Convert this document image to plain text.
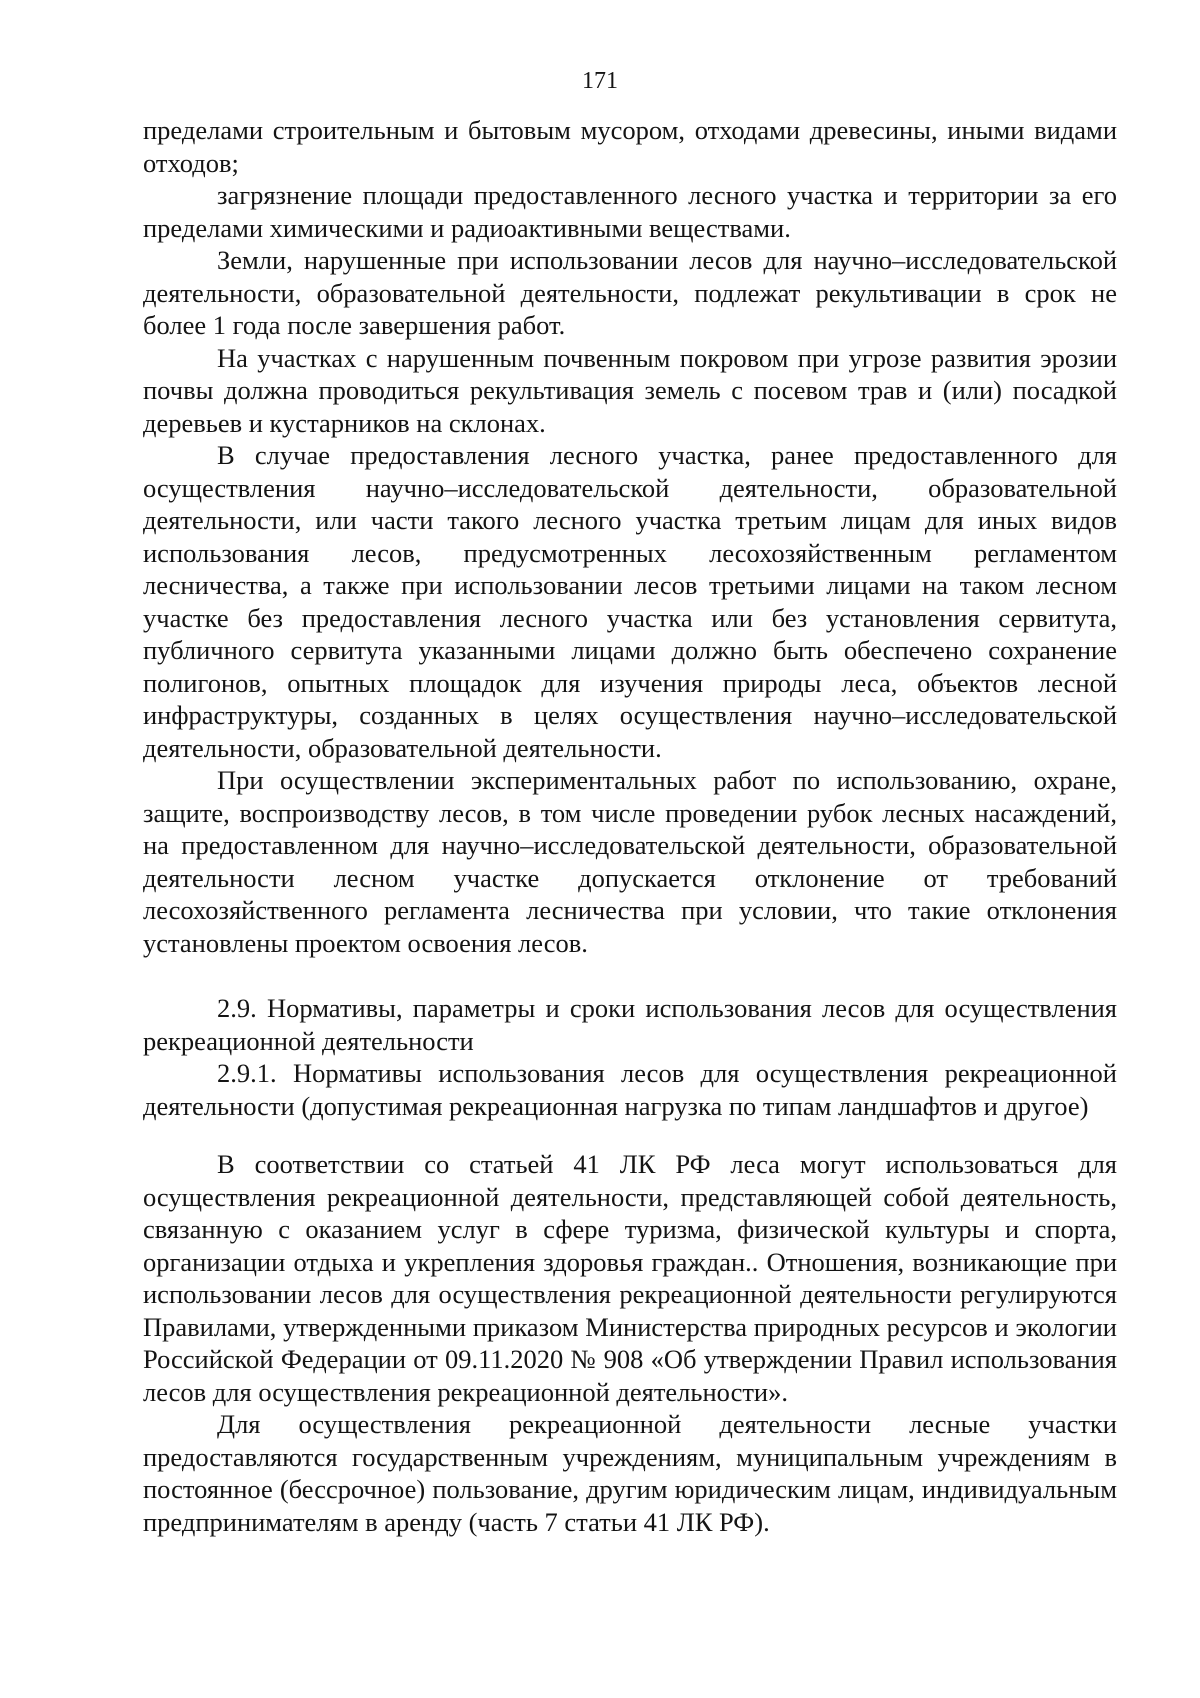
171

пределами строительным и бытовым мусором, отходами древесины, иными видами отходов;

загрязнение площади предоставленного лесного участка и территории за его пределами химическими и радиоактивными веществами.

Земли, нарушенные при использовании лесов для научно–исследовательской деятельности, образовательной деятельности, подлежат рекультивации в срок не более 1 года после завершения работ.

На участках с нарушенным почвенным покровом при угрозе развития эрозии почвы должна проводиться рекультивация земель с посевом трав и (или) посадкой деревьев и кустарников на склонах.

В случае предоставления лесного участка, ранее предоставленного для осуществления научно–исследовательской деятельности, образовательной деятельности, или части такого лесного участка третьим лицам для иных видов использования лесов, предусмотренных лесохозяйственным регламентом лесничества, а также при использовании лесов третьими лицами на таком лесном участке без предоставления лесного участка или без установления сервитута, публичного сервитута указанными лицами должно быть обеспечено сохранение полигонов, опытных площадок для изучения природы леса, объектов лесной инфраструктуры, созданных в целях осуществления научно–исследовательской деятельности, образовательной деятельности.

При осуществлении экспериментальных работ по использованию, охране, защите, воспроизводству лесов, в том числе проведении рубок лесных насаждений, на предоставленном для научно–исследовательской деятельности, образовательной деятельности лесном участке допускается отклонение от требований лесохозяйственного регламента лесничества при условии, что такие отклонения установлены проектом освоения лесов.

2.9. Нормативы, параметры и сроки использования лесов для осуществления рекреационной деятельности

2.9.1. Нормативы использования лесов для осуществления рекреационной деятельности (допустимая рекреационная нагрузка по типам ландшафтов и другое)

В соответствии со статьей 41 ЛК РФ леса могут использоваться для осуществления рекреационной деятельности, представляющей собой деятельность, связанную с оказанием услуг в сфере туризма, физической культуры и спорта, организации отдыха и укрепления здоровья граждан.. Отношения, возникающие при использовании лесов для осуществления рекреационной деятельности регулируются Правилами, утвержденными приказом Министерства природных ресурсов и экологии Российской Федерации от 09.11.2020 № 908 «Об утверждении Правил использования лесов для осуществления рекреационной деятельности».

Для осуществления рекреационной деятельности лесные участки предоставляются государственным учреждениям, муниципальным учреждениям в постоянное (бессрочное) пользование, другим юридическим лицам, индивидуальным предпринимателям в аренду (часть 7 статьи 41 ЛК РФ).
